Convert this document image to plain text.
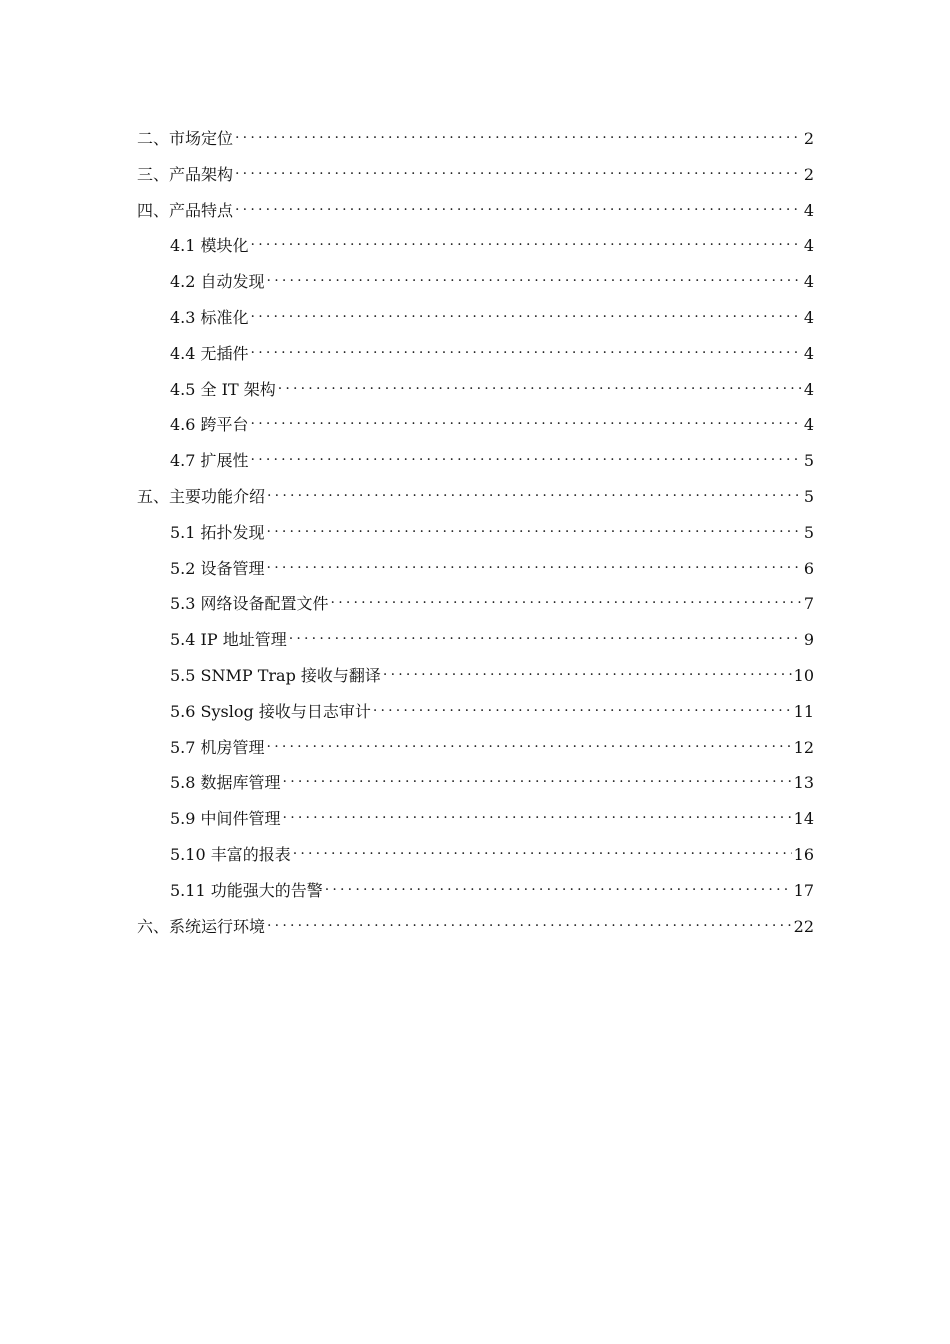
二、市场定位 .....	2
三、产品架构 .....	2
四、产品特点 .....	4
4.1 模块化 .....	4
4.2 自动发现 .....	4
4.3 标准化 .....	4
4.4 无插件 .....	4
4.5 全 IT 架构 .....	4
4.6 跨平台 .....	4
4.7 扩展性 .....	5
五、主要功能介绍 .....	5
5.1 拓扑发现 .....	5
5.2 设备管理 .....	6
5.3 网络设备配置文件 .....	7
5.4 IP 地址管理 .....	9
5.5 SNMP Trap 接收与翻译 .....	10
5.6 Syslog 接收与日志审计 .....	11
5.7 机房管理 .....	12
5.8 数据库管理 .....	13
5.9 中间件管理 .....	14
5.10 丰富的报表 .....	16
5.11 功能强大的告警 .....	17
六、系统运行环境 .....	22
